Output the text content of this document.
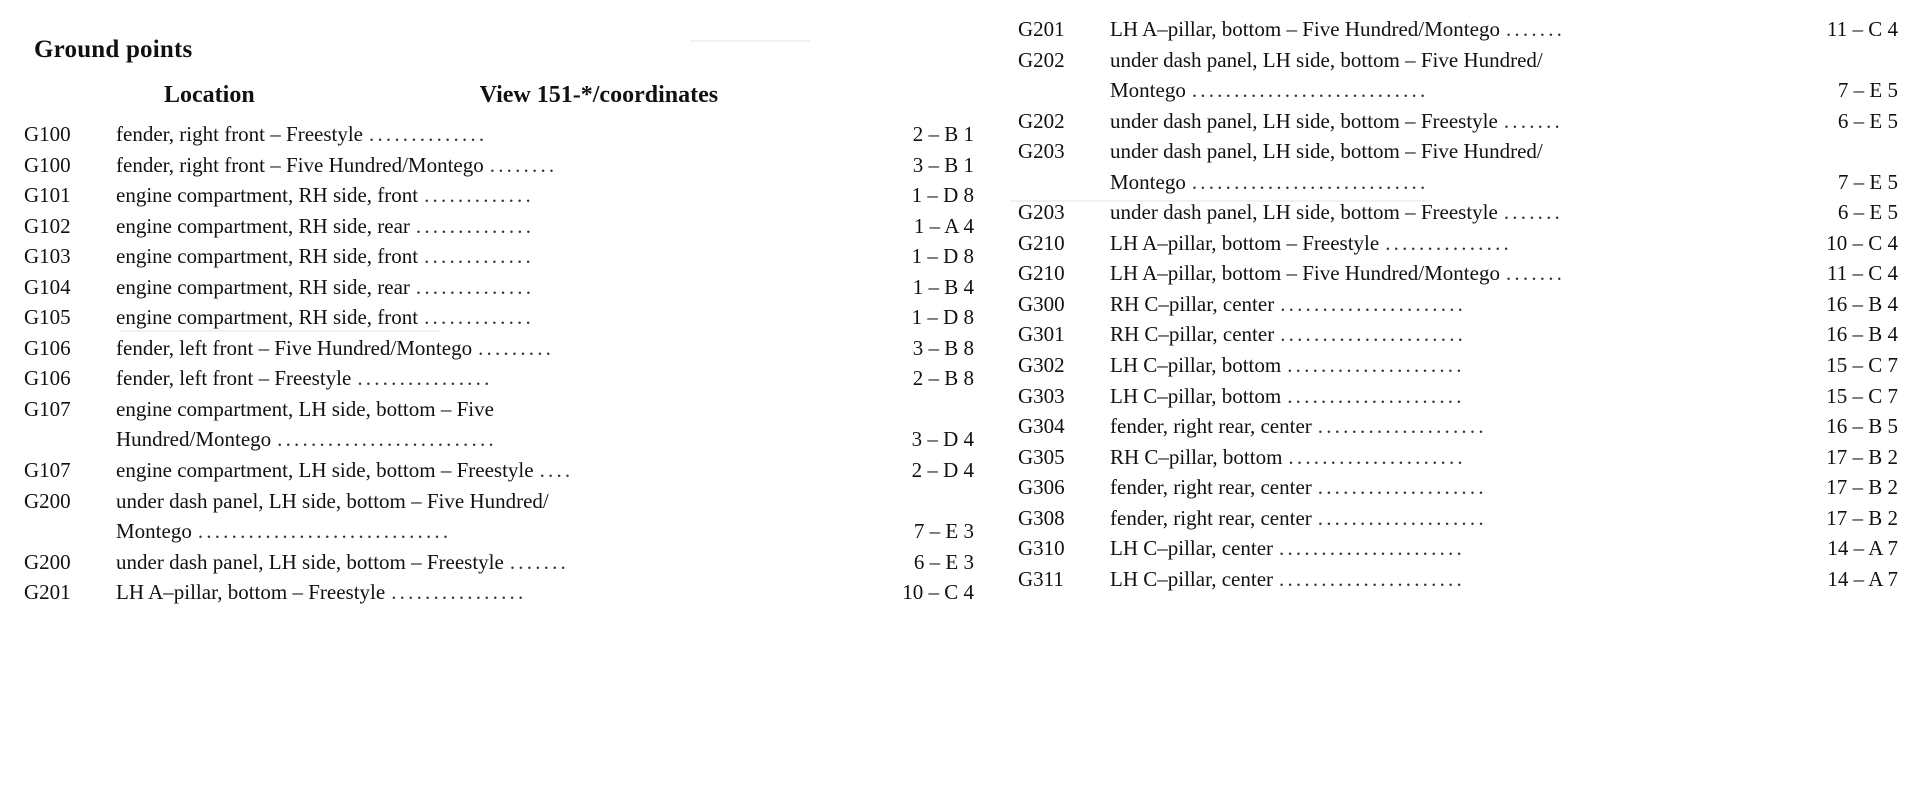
Ground points
Location	View 151-*/coordinates
G100	fender, right front – Freestyle ..............	2 – B 1
G100	fender, right front – Five Hundred/Montego ........	3 – B 1
G101	engine compartment, RH side, front .............	1 – D 8
G102	engine compartment, RH side, rear ..............	1 – A 4
G103	engine compartment, RH side, front .............	1 – D 8
G104	engine compartment, RH side, rear ..............	1 – B 4
G105	engine compartment, RH side, front .............	1 – D 8
G106	fender, left front – Five Hundred/Montego .........	3 – B 8
G106	fender, left front – Freestyle ................	2 – B 8
G107	engine compartment, LH side, bottom – Five	
	Hundred/Montego ..........................	3 – D 4
G107	engine compartment, LH side, bottom – Freestyle ....	2 – D 4
G200	under dash panel, LH side, bottom – Five Hundred/	
	Montego ..............................	7 – E 3
G200	under dash panel, LH side, bottom – Freestyle .......	6 – E 3
G201	LH A–pillar, bottom – Freestyle ................	10 – C 4
G201	LH A–pillar, bottom – Five Hundred/Montego .......	11 – C 4
G202	under dash panel, LH side, bottom – Five Hundred/	
	Montego ............................	7 – E 5
G202	under dash panel, LH side, bottom – Freestyle .......	6 – E 5
G203	under dash panel, LH side, bottom – Five Hundred/	
	Montego ............................	7 – E 5
G203	under dash panel, LH side, bottom – Freestyle .......	6 – E 5
G210	LH A–pillar, bottom – Freestyle ...............	10 – C 4
G210	LH A–pillar, bottom – Five Hundred/Montego .......	11 – C 4
G300	RH C–pillar, center ......................	16 – B 4
G301	RH C–pillar, center ......................	16 – B 4
G302	LH C–pillar, bottom .....................	15 – C 7
G303	LH C–pillar, bottom .....................	15 – C 7
G304	fender, right rear, center ....................	16 – B 5
G305	RH C–pillar, bottom .....................	17 – B 2
G306	fender, right rear, center ....................	17 – B 2
G308	fender, right rear, center ....................	17 – B 2
G310	LH C–pillar, center ......................	14 – A 7
G311	LH C–pillar, center ......................	14 – A 7
